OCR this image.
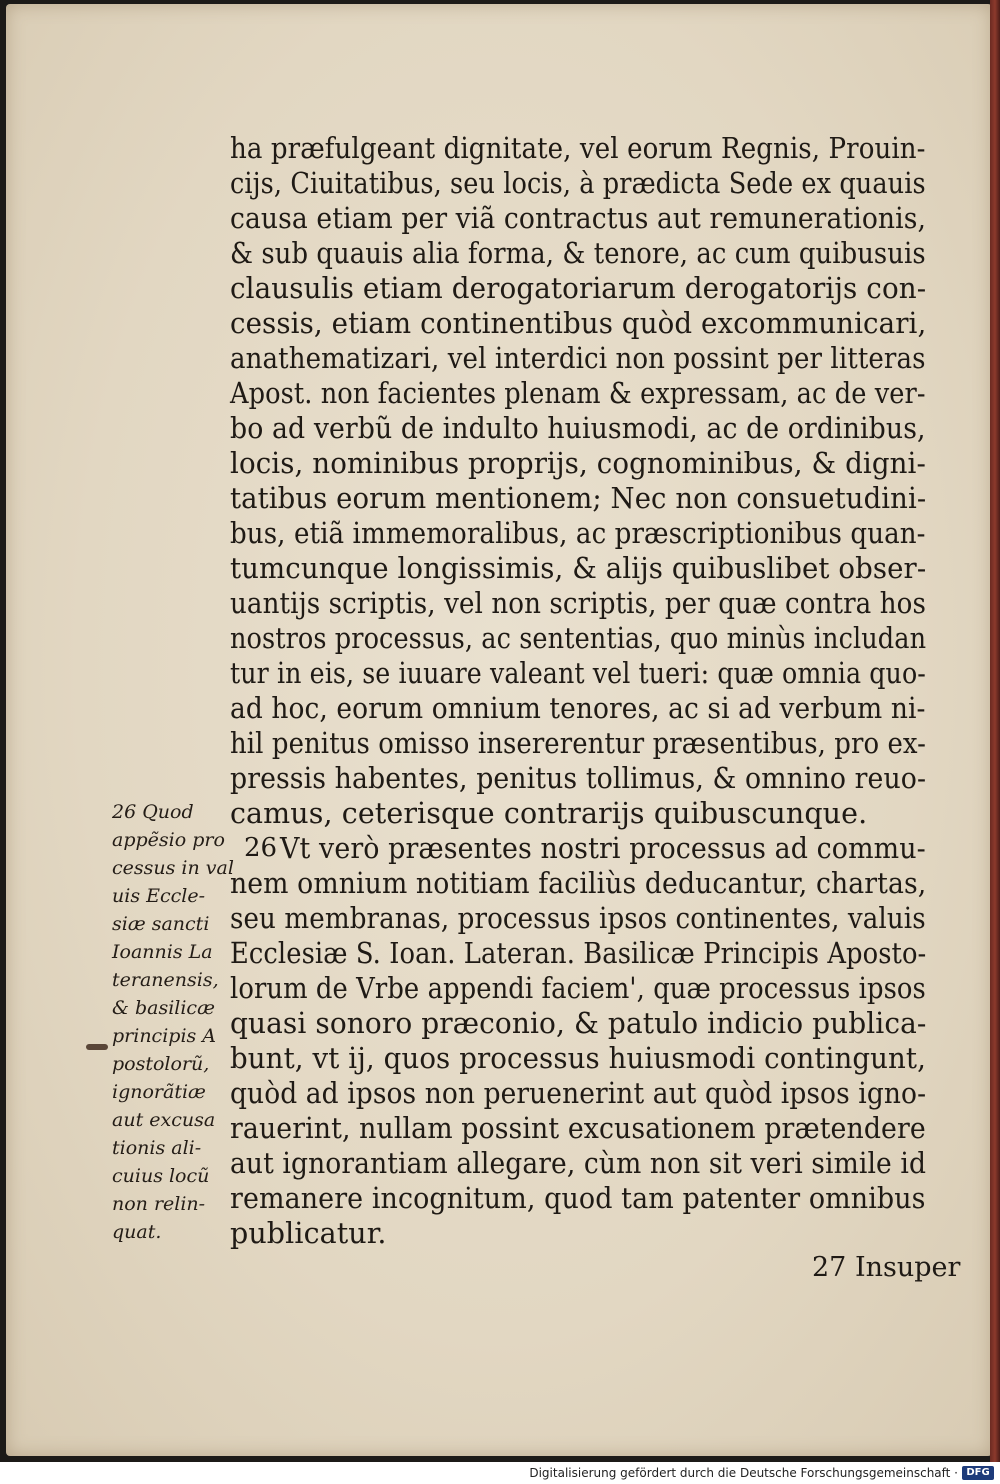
ha præfulgeant dignitate, vel eorum Regnis, Prouin-
cijs, Ciuitatibus, seu locis, à prædicta Sede ex quauis
causa etiam per viã contractus aut remunerationis,
& sub quauis alia forma, & tenore, ac cum quibusuis
clausulis etiam derogatoriarum derogatorijs con-
cessis, etiam continentibus quòd excommunicari,
anathematizari, vel interdici non possint per litteras
Apost. non facientes plenam & expressam, ac de ver-
bo ad verbũ de indulto huiusmodi, ac de ordinibus,
locis, nominibus proprijs, cognominibus, & digni-
tatibus eorum mentionem; Nec non consuetudini-
bus, etiã immemoralibus, ac præscriptionibus quan-
tumcunque longissimis, & alijs quibuslibet obser-
uantijs scriptis, vel non scriptis, per quæ contra hos
nostros processus, ac sententias, quo minùs includan
tur in eis, se iuuare valeant vel tueri: quæ omnia quo-
ad hoc, eorum omnium tenores, ac si ad verbum ni-
hil penitus omisso insererentur præsentibus, pro ex-
pressis habentes, penitus tollimus, & omnino reuo-
camus, ceterisque contrarijs quibuscunque.
Vt verò præsentes nostri processus ad commu-
nem omnium notitiam faciliùs deducantur, chartas,
seu membranas, processus ipsos continentes, valuis
Ecclesiæ S. Ioan. Lateran. Basilicæ Principis Aposto-
lorum de Vrbe appendi faciem', quæ processus ipsos
quasi sonoro præconio, & patulo indicio publica-
bunt, vt ij, quos processus huiusmodi contingunt,
quòd ad ipsos non peruenerint aut quòd ipsos igno-
rauerint, nullam possint excusationem prætendere
aut ignorantiam allegare, cùm non sit veri simile id
remanere incognitum, quod tam patenter omnibus
publicatur.
26
26 Quod
appẽsio pro
cessus in val
uis Eccle-
siæ sancti
Ioannis La
teranensis,
& basilicæ
principis A
postolorũ,
ignorãtiæ
aut excusa
tionis ali-
cuius locũ
non relin-
quat.
27 Insuper
Digitalisierung gefördert durch die Deutsche Forschungsgemeinschaft · DFG
